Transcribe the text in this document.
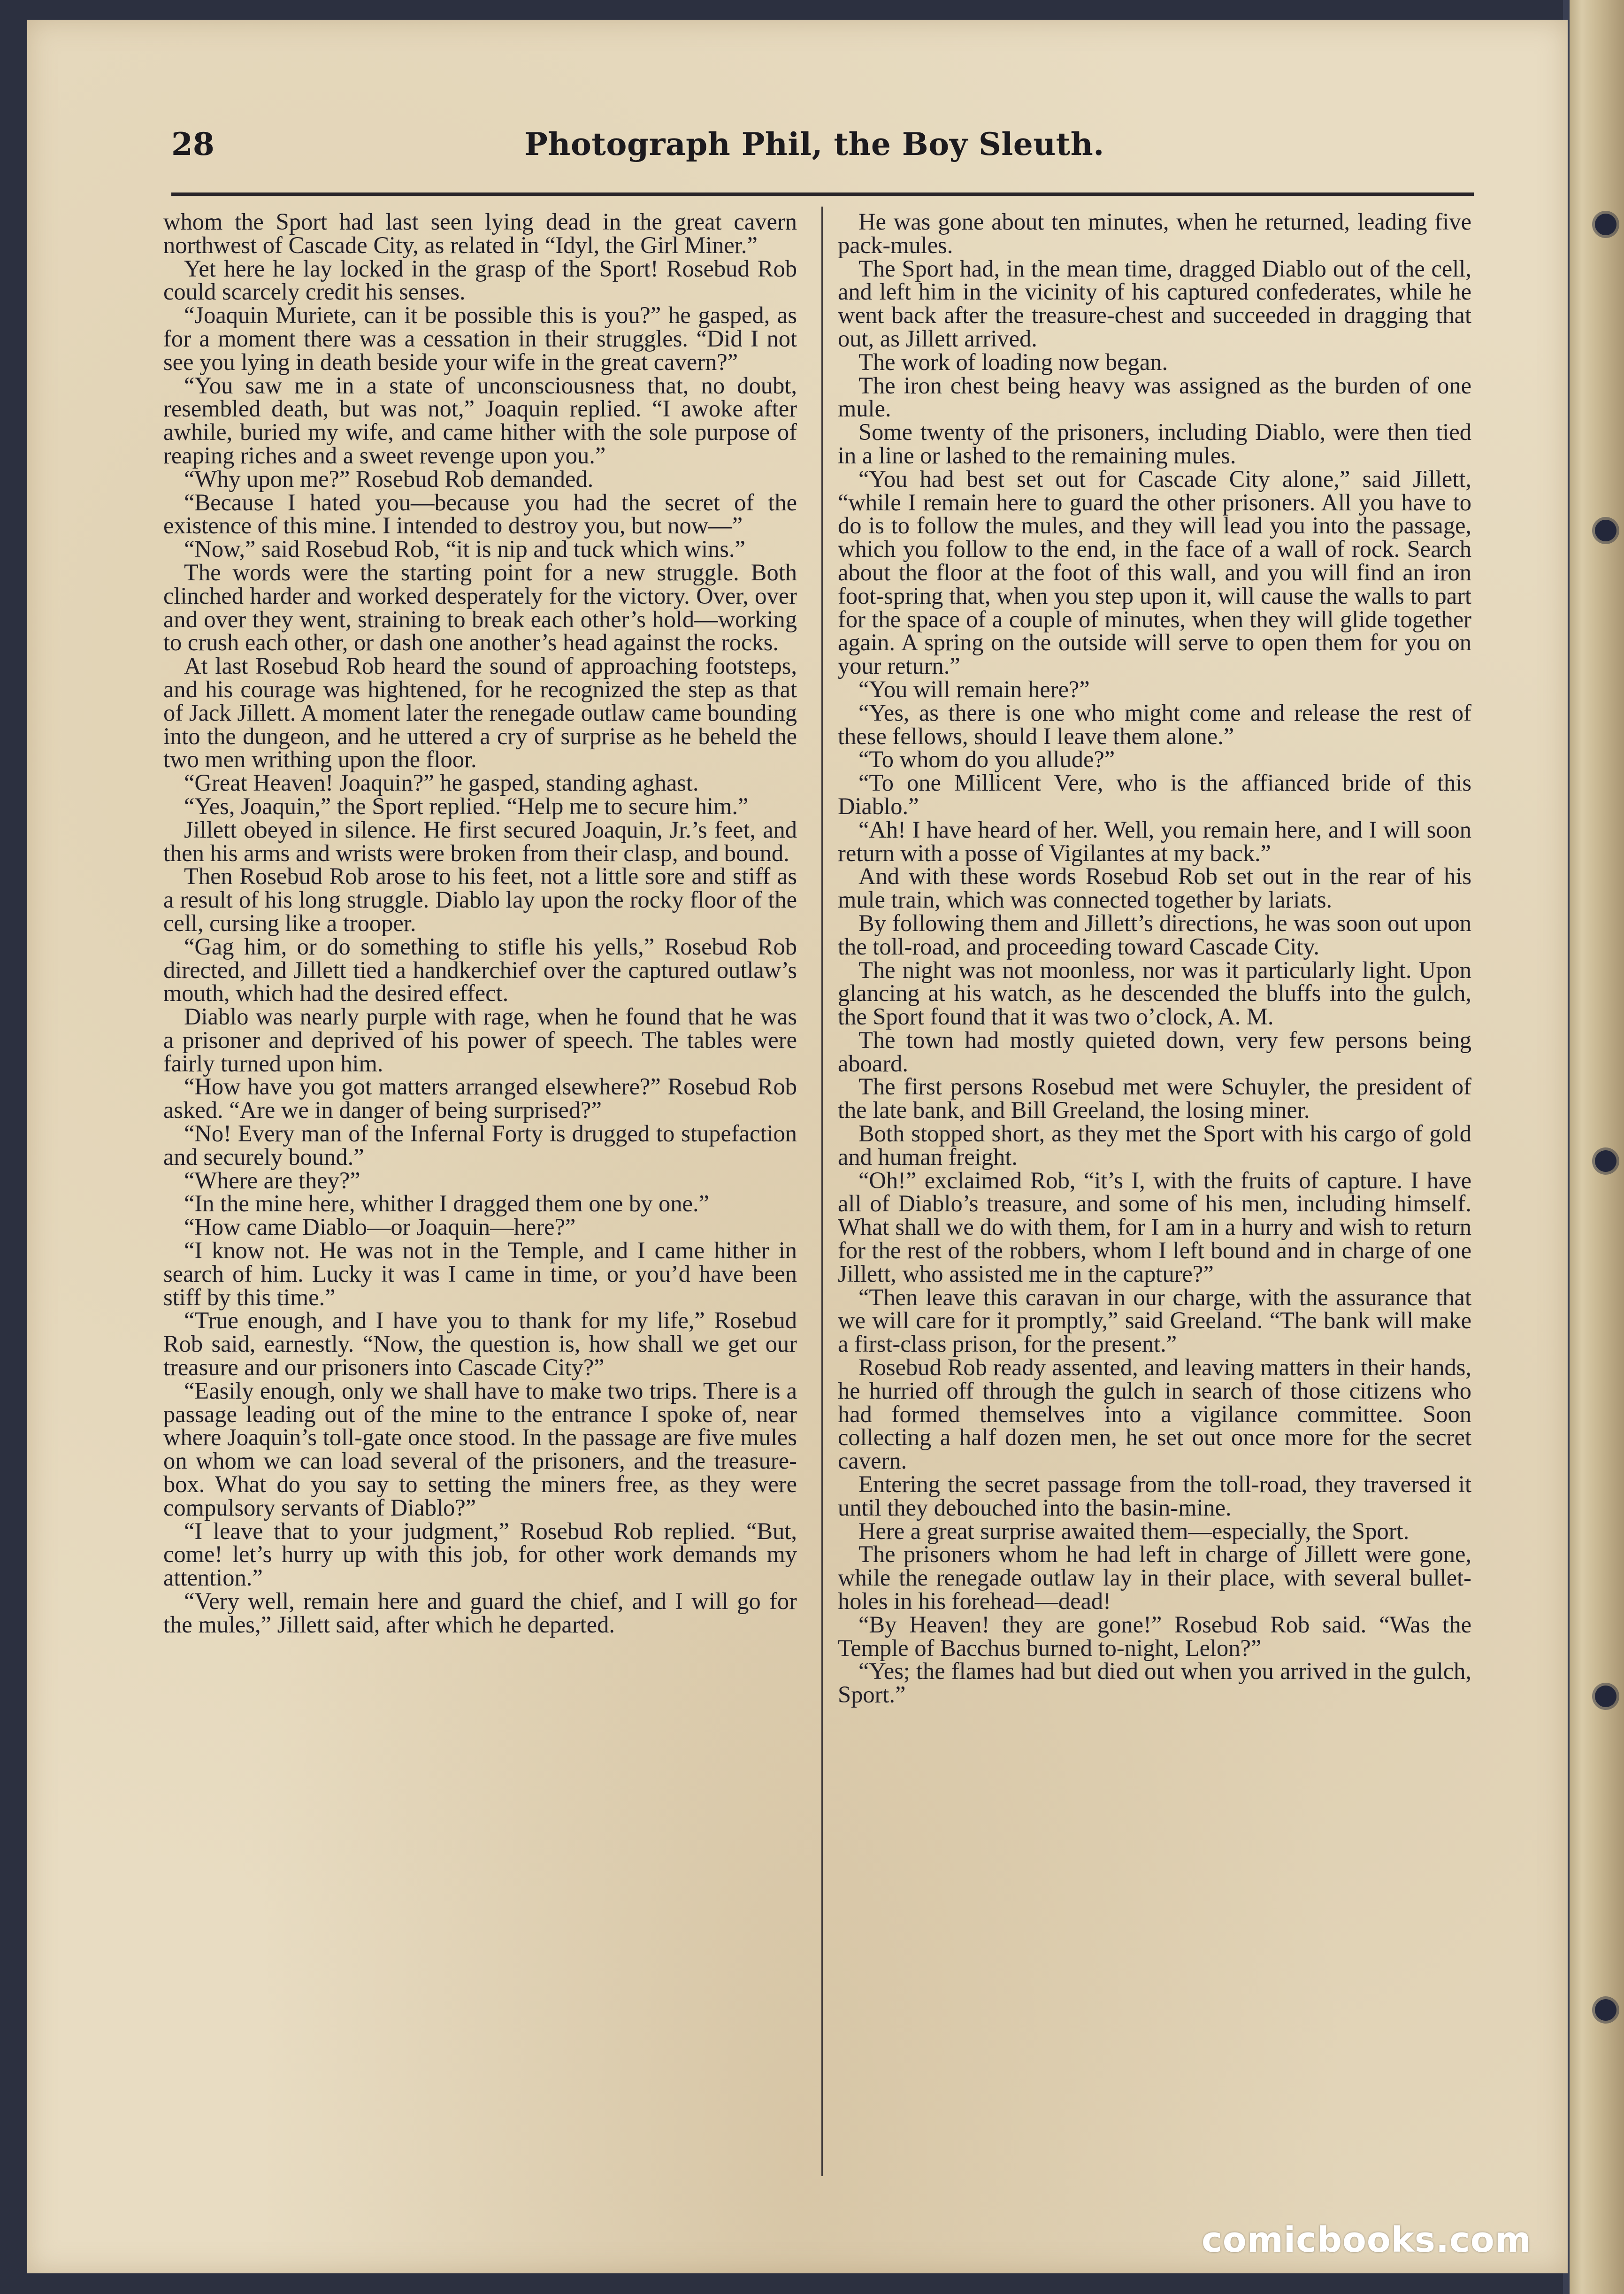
Photograph Phil, the Boy Sleuth.
28

whom the Sport had last seen lying dead in the great cavern northwest of Cascade City, as related in “Idyl, the Girl Miner.”

Yet here he lay locked in the grasp of the Sport! Rosebud Rob could scarcely credit his senses.

“Joaquin Muriete, can it be possible this is you?” he gasped, as for a moment there was a cessation in their struggles. “Did I not see you lying in death beside your wife in the great cavern?”

“You saw me in a state of unconsciousness that, no doubt, resembled death, but was not,” Joaquin replied. “I awoke after awhile, buried my wife, and came hither with the sole purpose of reaping riches and a sweet revenge upon you.”

“Why upon me?” Rosebud Rob demanded.

“Because I hated you—because you had the secret of the existence of this mine. I intended to destroy you, but now—”

“Now,” said Rosebud Rob, “it is nip and tuck which wins.”

The words were the starting point for a new struggle. Both clinched harder and worked desperately for the victory. Over, over and over they went, straining to break each other’s hold—working to crush each other, or dash one another’s head against the rocks.

At last Rosebud Rob heard the sound of approaching footsteps, and his courage was hightened, for he recognized the step as that of Jack Jillett. A moment later the renegade outlaw came bounding into the dungeon, and he uttered a cry of surprise as he beheld the two men writhing upon the floor.

“Great Heaven! Joaquin?” he gasped, standing aghast.

“Yes, Joaquin,” the Sport replied. “Help me to secure him.”

Jillett obeyed in silence. He first secured Joaquin, Jr.’s feet, and then his arms and wrists were broken from their clasp, and bound.

Then Rosebud Rob arose to his feet, not a little sore and stiff as a result of his long struggle. Diablo lay upon the rocky floor of the cell, cursing like a trooper.

“Gag him, or do something to stifle his yells,” Rosebud Rob directed, and Jillett tied a handkerchief over the captured outlaw’s mouth, which had the desired effect.

Diablo was nearly purple with rage, when he found that he was a prisoner and deprived of his power of speech. The tables were fairly turned upon him.

“How have you got matters arranged elsewhere?” Rosebud Rob asked. “Are we in danger of being surprised?”

“No! Every man of the Infernal Forty is drugged to stupefaction and securely bound.”

“Where are they?”

“In the mine here, whither I dragged them one by one.”

“How came Diablo—or Joaquin—here?”

“I know not. He was not in the Temple, and I came hither in search of him. Lucky it was I came in time, or you’d have been stiff by this time.”

“True enough, and I have you to thank for my life,” Rosebud Rob said, earnestly. “Now, the question is, how shall we get our treasure and our prisoners into Cascade City?”

“Easily enough, only we shall have to make two trips. There is a passage leading out of the mine to the entrance I spoke of, near where Joaquin’s toll-gate once stood. In the passage are five mules on whom we can load several of the prisoners, and the treasure-box. What do you say to setting the miners free, as they were compulsory servants of Diablo?”

“I leave that to your judgment,” Rosebud Rob replied. “But, come! let’s hurry up with this job, for other work demands my attention.”

“Very well, remain here and guard the chief, and I will go for the mules,” Jillett said, after which he departed.

He was gone about ten minutes, when he returned, leading five pack-mules.

The Sport had, in the mean time, dragged Diablo out of the cell, and left him in the vicinity of his captured confederates, while he went back after the treasure-chest and succeeded in dragging that out, as Jillett arrived.

The work of loading now began.

The iron chest being heavy was assigned as the burden of one mule.

Some twenty of the prisoners, including Diablo, were then tied in a line or lashed to the remaining mules.

“You had best set out for Cascade City alone,” said Jillett, “while I remain here to guard the other prisoners. All you have to do is to follow the mules, and they will lead you into the passage, which you follow to the end, in the face of a wall of rock. Search about the floor at the foot of this wall, and you will find an iron foot-spring that, when you step upon it, will cause the walls to part for the space of a couple of minutes, when they will glide together again. A spring on the outside will serve to open them for you on your return.”

“You will remain here?”

“Yes, as there is one who might come and release the rest of these fellows, should I leave them alone.”

“To whom do you allude?”

“To one Millicent Vere, who is the affianced bride of this Diablo.”

“Ah! I have heard of her. Well, you remain here, and I will soon return with a posse of Vigilantes at my back.”

And with these words Rosebud Rob set out in the rear of his mule train, which was connected together by lariats.

By following them and Jillett’s directions, he was soon out upon the toll-road, and proceeding toward Cascade City.

The night was not moonless, nor was it particularly light. Upon glancing at his watch, as he descended the bluffs into the gulch, the Sport found that it was two o’clock, A. M.

The town had mostly quieted down, very few persons being aboard.

The first persons Rosebud met were Schuyler, the president of the late bank, and Bill Greeland, the losing miner.

Both stopped short, as they met the Sport with his cargo of gold and human freight.

“Oh!” exclaimed Rob, “it’s I, with the fruits of capture. I have all of Diablo’s treasure, and some of his men, including himself. What shall we do with them, for I am in a hurry and wish to return for the rest of the robbers, whom I left bound and in charge of one Jillett, who assisted me in the capture?”

“Then leave this caravan in our charge, with the assurance that we will care for it promptly,” said Greeland. “The bank will make a first-class prison, for the present.”

Rosebud Rob ready assented, and leaving matters in their hands, he hurried off through the gulch in search of those citizens who had formed themselves into a vigilance committee. Soon collecting a half dozen men, he set out once more for the secret cavern.

Entering the secret passage from the toll-road, they traversed it until they debouched into the basin-mine.

Here a great surprise awaited them—especially, the Sport.

The prisoners whom he had left in charge of Jillett were gone, while the renegade outlaw lay in their place, with several bullet-holes in his forehead—dead!

“By Heaven! they are gone!” Rosebud Rob said. “Was the Temple of Bacchus burned to-night, Lelon?”

“Yes; the flames had but died out when you arrived in the gulch, Sport.”

comicbooks.com
